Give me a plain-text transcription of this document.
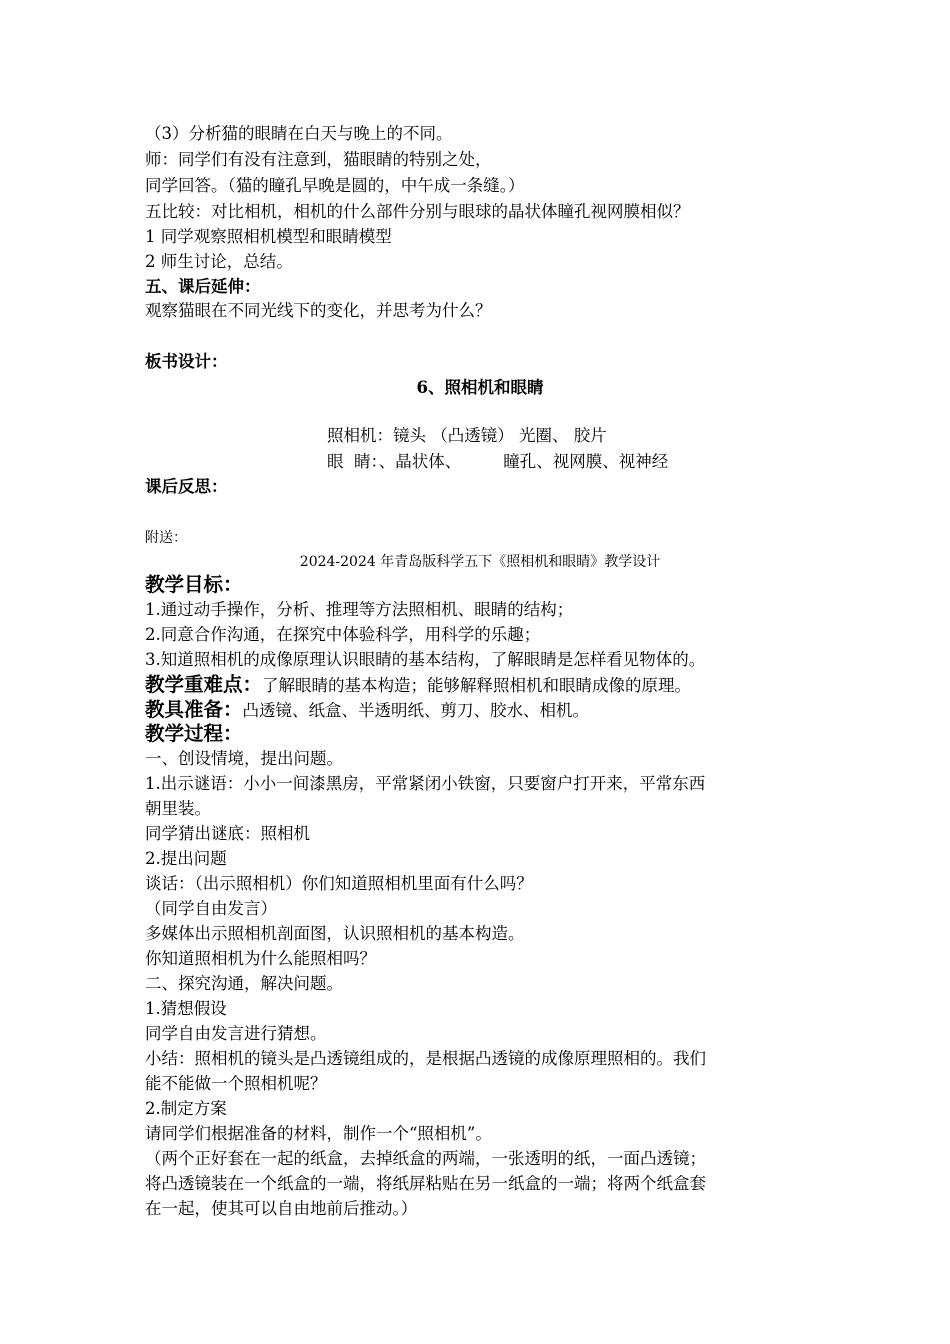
（3）分析猫的眼睛在白天与晚上的不同。
师：同学们有没有注意到，猫眼睛的特别之处，
同学回答。（猫的瞳孔早晚是圆的，中午成一条缝。）
五比较：对比相机，相机的什么部件分别与眼球的晶状体瞳孔视网膜相似？
1 同学观察照相机模型和眼睛模型
2 师生讨论，总结。
五、课后延伸：
观察猫眼在不同光线下的变化，并思考为什么？
板书设计：
6、照相机和眼睛
照相机：镜头 （凸透镜） 光圈、 胶片
眼  睛：、晶状体、        瞳孔、视网膜、视神经
课后反思：
附送：
2024-2024 年青岛版科学五下《照相机和眼睛》教学设计
教学目标：
1.通过动手操作，分析、推理等方法照相机、眼睛的结构；
2.同意合作沟通，在探究中体验科学，用科学的乐趣；
3.知道照相机的成像原理认识眼睛的基本结构，了解眼睛是怎样看见物体的。
教学重难点：了解眼睛的基本构造；能够解释照相机和眼睛成像的原理。
教具准备：凸透镜、纸盒、半透明纸、剪刀、胶水、相机。
教学过程：
一、创设情境，提出问题。
1.出示谜语：小小一间漆黑房，平常紧闭小铁窗，只要窗户打开来，平常东西
朝里装。
同学猜出谜底：照相机
2.提出问题
谈话：（出示照相机）你们知道照相机里面有什么吗？
（同学自由发言）
多媒体出示照相机剖面图，认识照相机的基本构造。
你知道照相机为什么能照相吗？
二、探究沟通，解决问题。
1.猜想假设
同学自由发言进行猜想。
小结：照相机的镜头是凸透镜组成的，是根据凸透镜的成像原理照相的。我们
能不能做一个照相机呢？
2.制定方案
请同学们根据准备的材料，制作一个“照相机”。
（两个正好套在一起的纸盒，去掉纸盒的两端，一张透明的纸，一面凸透镜；
将凸透镜装在一个纸盒的一端，将纸屏粘贴在另一纸盒的一端；将两个纸盒套
在一起，使其可以自由地前后推动。）
